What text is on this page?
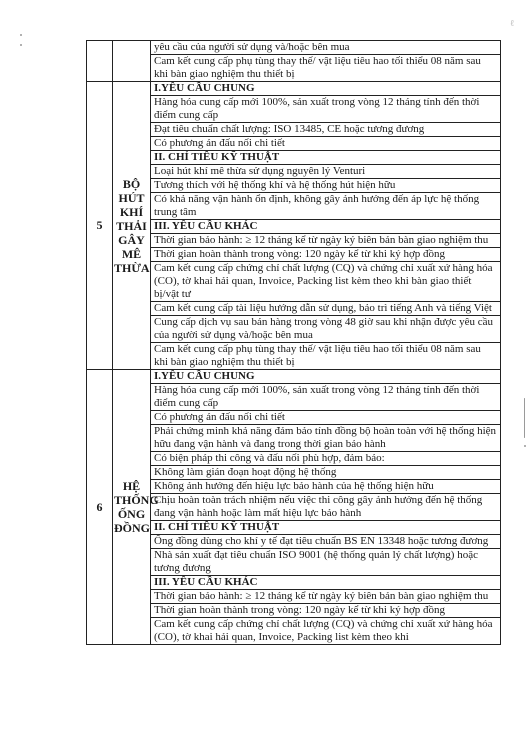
ℓ
		yêu cầu của người sử dụng và/hoặc bên mua
		Cam kết cung cấp phụ tùng thay thế/ vật liệu tiêu hao tối thiểu 08 năm sau khi bàn giao nghiệm thu thiết bị
5	BỘ HÚT KHÍ THẢI GÂY MÊ THỪA	I.YÊU CẦU CHUNG
		Hàng hóa cung cấp mới 100%, sản xuất trong vòng 12 tháng tính đến thời điểm cung cấp
		Đạt tiêu chuẩn chất lượng: ISO 13485, CE hoặc tương đương
		Có phương án đấu nối chi tiết
		II. CHỈ TIÊU KỸ THUẬT
		Loại hút khí mê thừa sử dụng nguyên lý Venturi
		Tương thích với hệ thống khí và hệ thống hút hiện hữu
		Có khả năng vận hành ổn định, không gây ảnh hưởng đến áp lực hệ thống trung tâm
		III. YÊU CẦU KHÁC
		Thời gian bảo hành: ≥ 12 tháng kể từ ngày ký biên bản bàn giao nghiệm thu
		Thời gian hoàn thành trong vòng: 120 ngày kể từ khi ký hợp đồng
		Cam kết cung cấp chứng chỉ chất lượng (CQ) và chứng chỉ xuất xứ hàng hóa (CO), tờ khai hải quan, Invoice, Packing list kèm theo khi bàn giao thiết bị/vật tư
		Cam kết cung cấp tài liệu hướng dẫn sử dụng, bảo trì tiếng Anh và tiếng Việt
		Cung cấp dịch vụ sau bán hàng trong vòng 48 giờ sau khi nhận được yêu cầu của người sử dụng và/hoặc bên mua
		Cam kết cung cấp phụ tùng thay thế/ vật liệu tiêu hao tối thiểu 08 năm sau khi bàn giao nghiệm thu thiết bị
6	HỆ THỐNG ỐNG ĐỒNG	I.YÊU CẦU CHUNG
		Hàng hóa cung cấp mới 100%, sản xuất trong vòng 12 tháng tính đến thời điểm cung cấp
		Có phương án đấu nối chi tiết
		Phải chứng minh khả năng đảm bảo tính đồng bộ hoàn toàn với hệ thống hiện hữu đang vận hành và đang trong thời gian bảo hành
		Có biện pháp thi công và đấu nối phù hợp, đảm bảo:
		Không làm gián đoạn hoạt động hệ thống
		Không ảnh hưởng đến hiệu lực bảo hành của hệ thống hiện hữu
		Chịu hoàn toàn trách nhiệm nếu việc thi công gây ảnh hưởng đến hệ thống đang vận hành hoặc làm mất hiệu lực bảo hành
		II. CHỈ TIÊU KỸ THUẬT
		Ống đồng dùng cho khí y tế đạt tiêu chuẩn BS EN 13348 hoặc tương đương
		Nhà sản xuất đạt tiêu chuẩn ISO 9001 (hệ thống quản lý chất lượng) hoặc tương đương
		III. YÊU CẦU KHÁC
		Thời gian bảo hành: ≥ 12 tháng kể từ ngày ký biên bản bàn giao nghiệm thu
		Thời gian hoàn thành trong vòng: 120 ngày kể từ khi ký hợp đồng
		Cam kết cung cấp chứng chỉ chất lượng (CQ) và chứng chỉ xuất xứ hàng hóa (CO), tờ khai hải quan, Invoice, Packing list kèm theo khi
